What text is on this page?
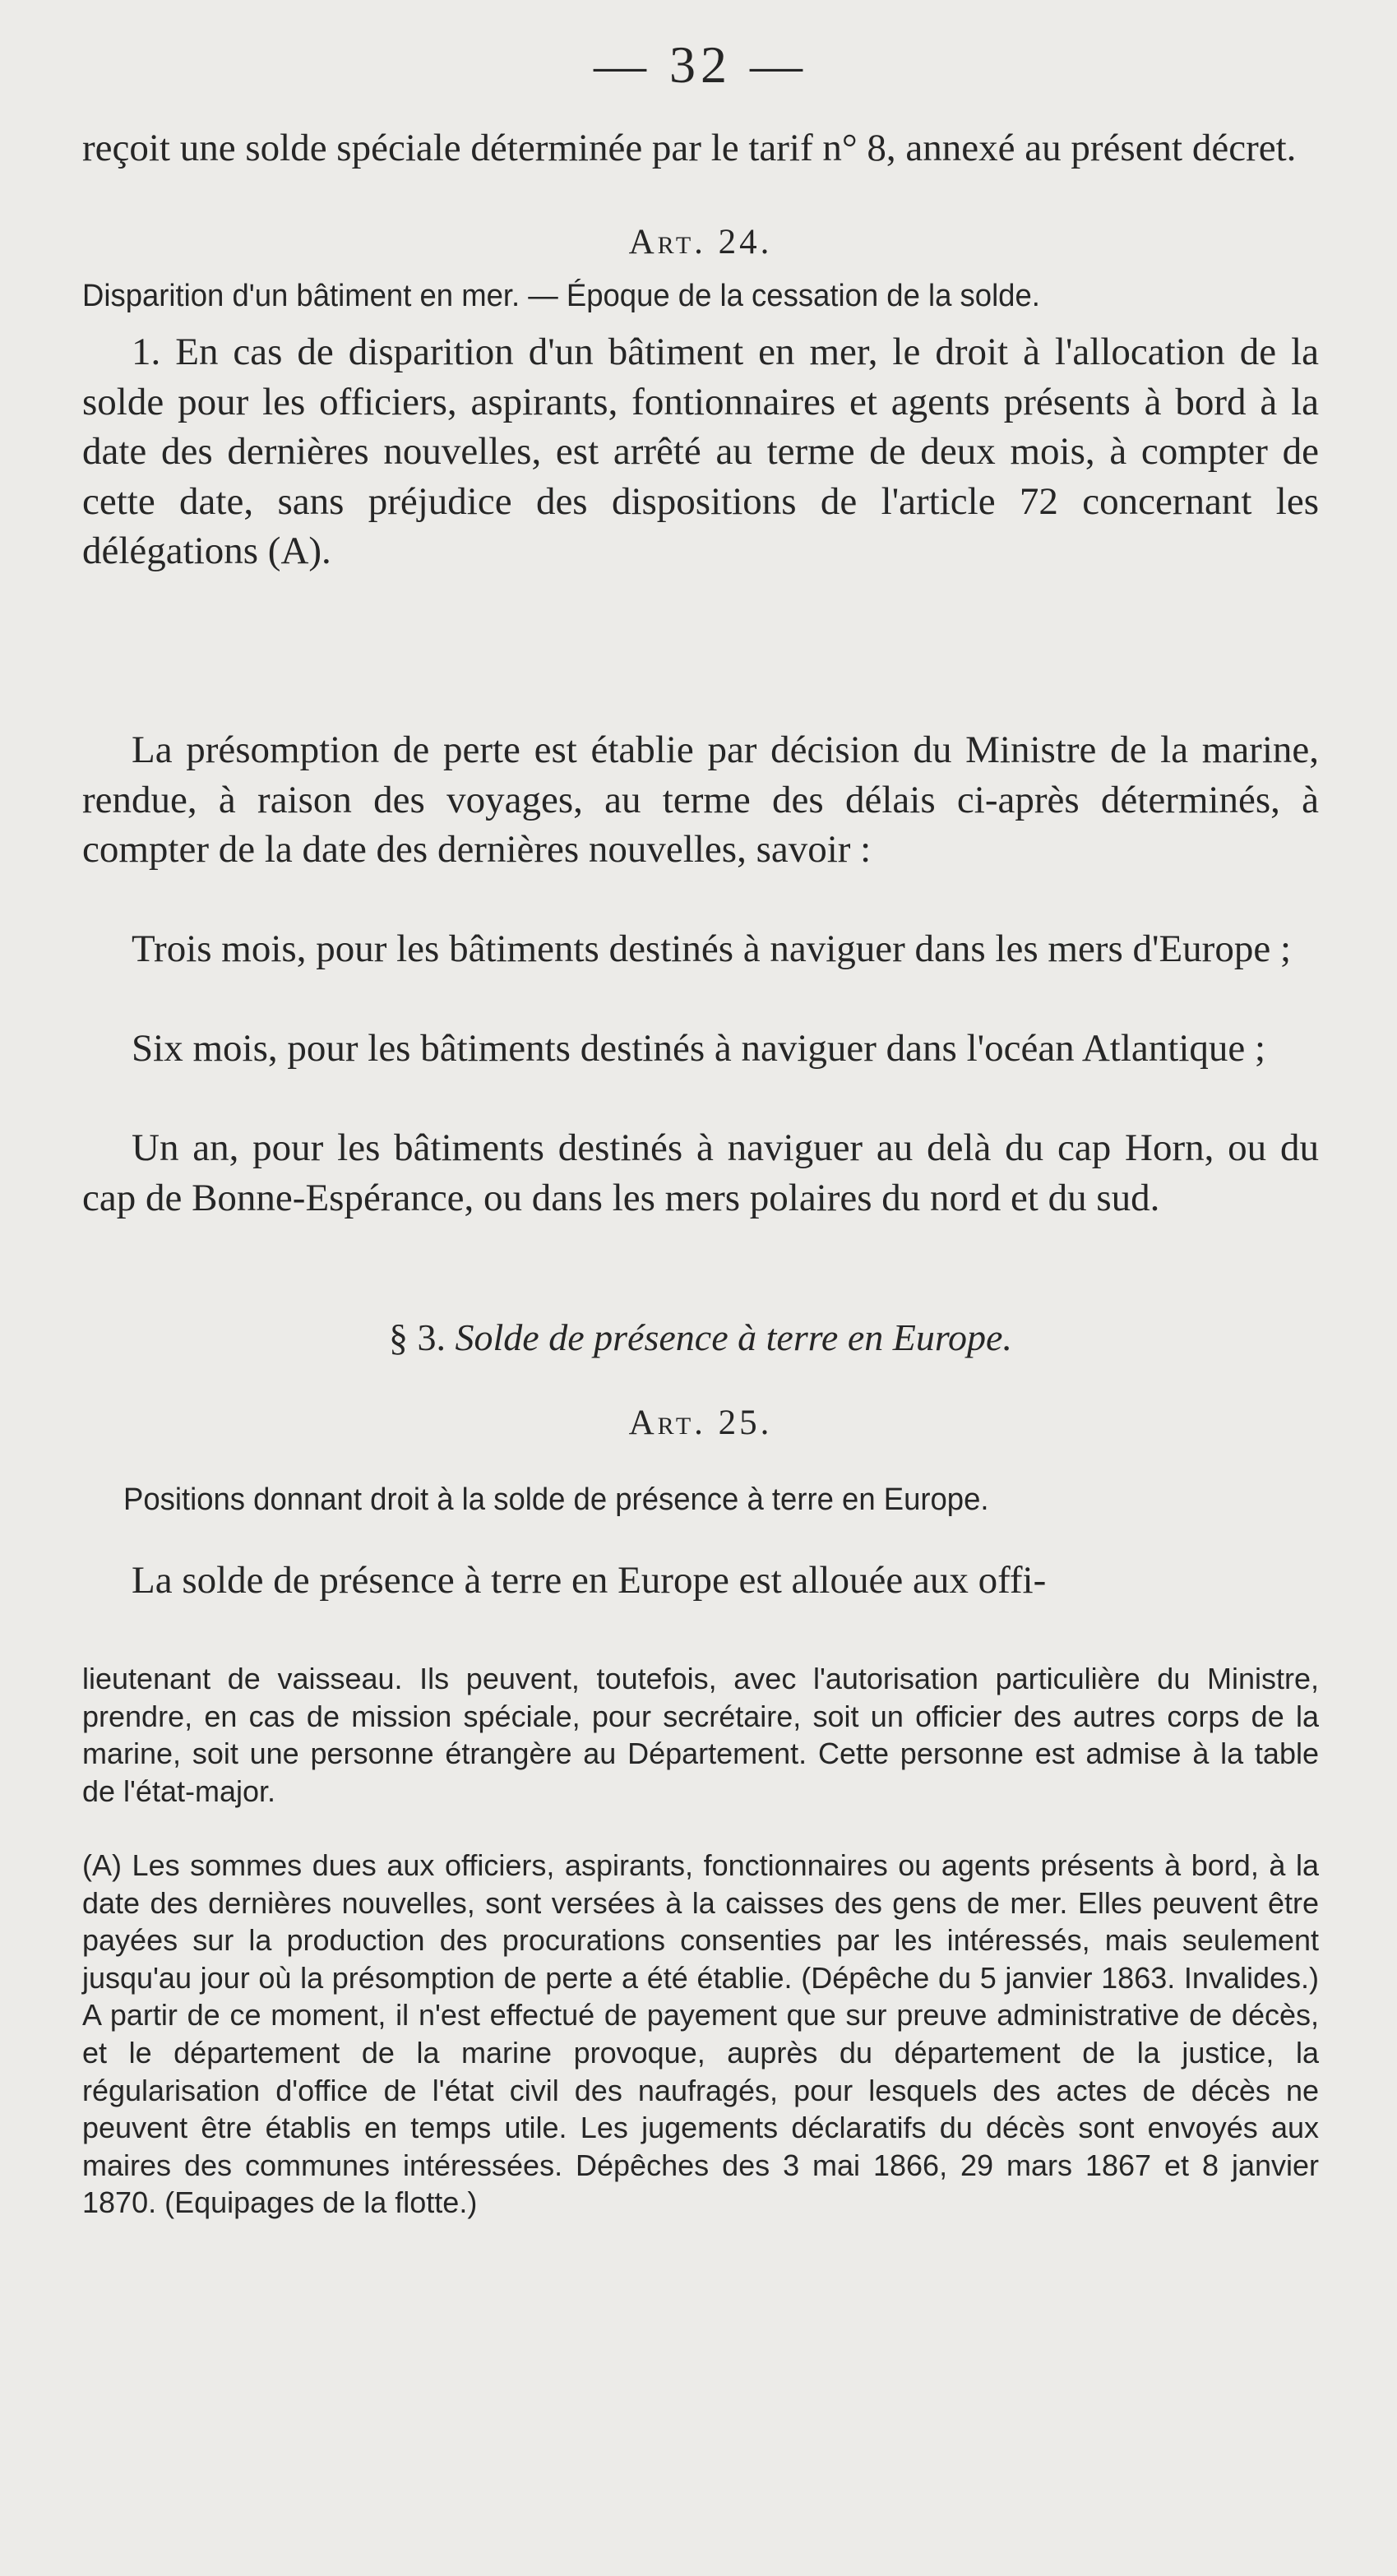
— 32 —

reçoit une solde spéciale déterminée par le tarif n° 8, annexé au présent décret.

Art. 24.

Disparition d'un bâtiment en mer. — Époque de la cessation de la solde.

1. En cas de disparition d'un bâtiment en mer, le droit à l'allocation de la solde pour les officiers, aspirants, fontionnaires et agents présents à bord à la date des dernières nouvelles, est arrêté au terme de deux mois, à compter de cette date, sans préjudice des dispositions de l'article 72 concernant les délégations (A).

La présomption de perte est établie par décision du Ministre de la marine, rendue, à raison des voyages, au terme des délais ci-après déterminés, à compter de la date des dernières nouvelles, savoir :

Trois mois, pour les bâtiments destinés à naviguer dans les mers d'Europe ;

Six mois, pour les bâtiments destinés à naviguer dans l'océan Atlantique ;

Un an, pour les bâtiments destinés à naviguer au delà du cap Horn, ou du cap de Bonne-Espérance, ou dans les mers polaires du nord et du sud.

§ 3. Solde de présence à terre en Europe.

Art. 25.

Positions donnant droit à la solde de présence à terre en Europe.

La solde de présence à terre en Europe est allouée aux offi-

lieutenant de vaisseau. Ils peuvent, toutefois, avec l'autorisation particulière du Ministre, prendre, en cas de mission spéciale, pour secrétaire, soit un officier des autres corps de la marine, soit une personne étrangère au Département. Cette personne est admise à la table de l'état-major.

(A) Les sommes dues aux officiers, aspirants, fonctionnaires ou agents présents à bord, à la date des dernières nouvelles, sont versées à la caisses des gens de mer. Elles peuvent être payées sur la production des procurations consenties par les intéressés, mais seulement jusqu'au jour où la présomption de perte a été établie. (Dépêche du 5 janvier 1863. Invalides.) A partir de ce moment, il n'est effectué de payement que sur preuve administrative de décès, et le département de la marine provoque, auprès du département de la justice, la régularisation d'office de l'état civil des naufragés, pour lesquels des actes de décès ne peuvent être établis en temps utile. Les jugements déclaratifs du décès sont envoyés aux maires des communes intéressées. Dépêches des 3 mai 1866, 29 mars 1867 et 8 janvier 1870. (Equipages de la flotte.)
